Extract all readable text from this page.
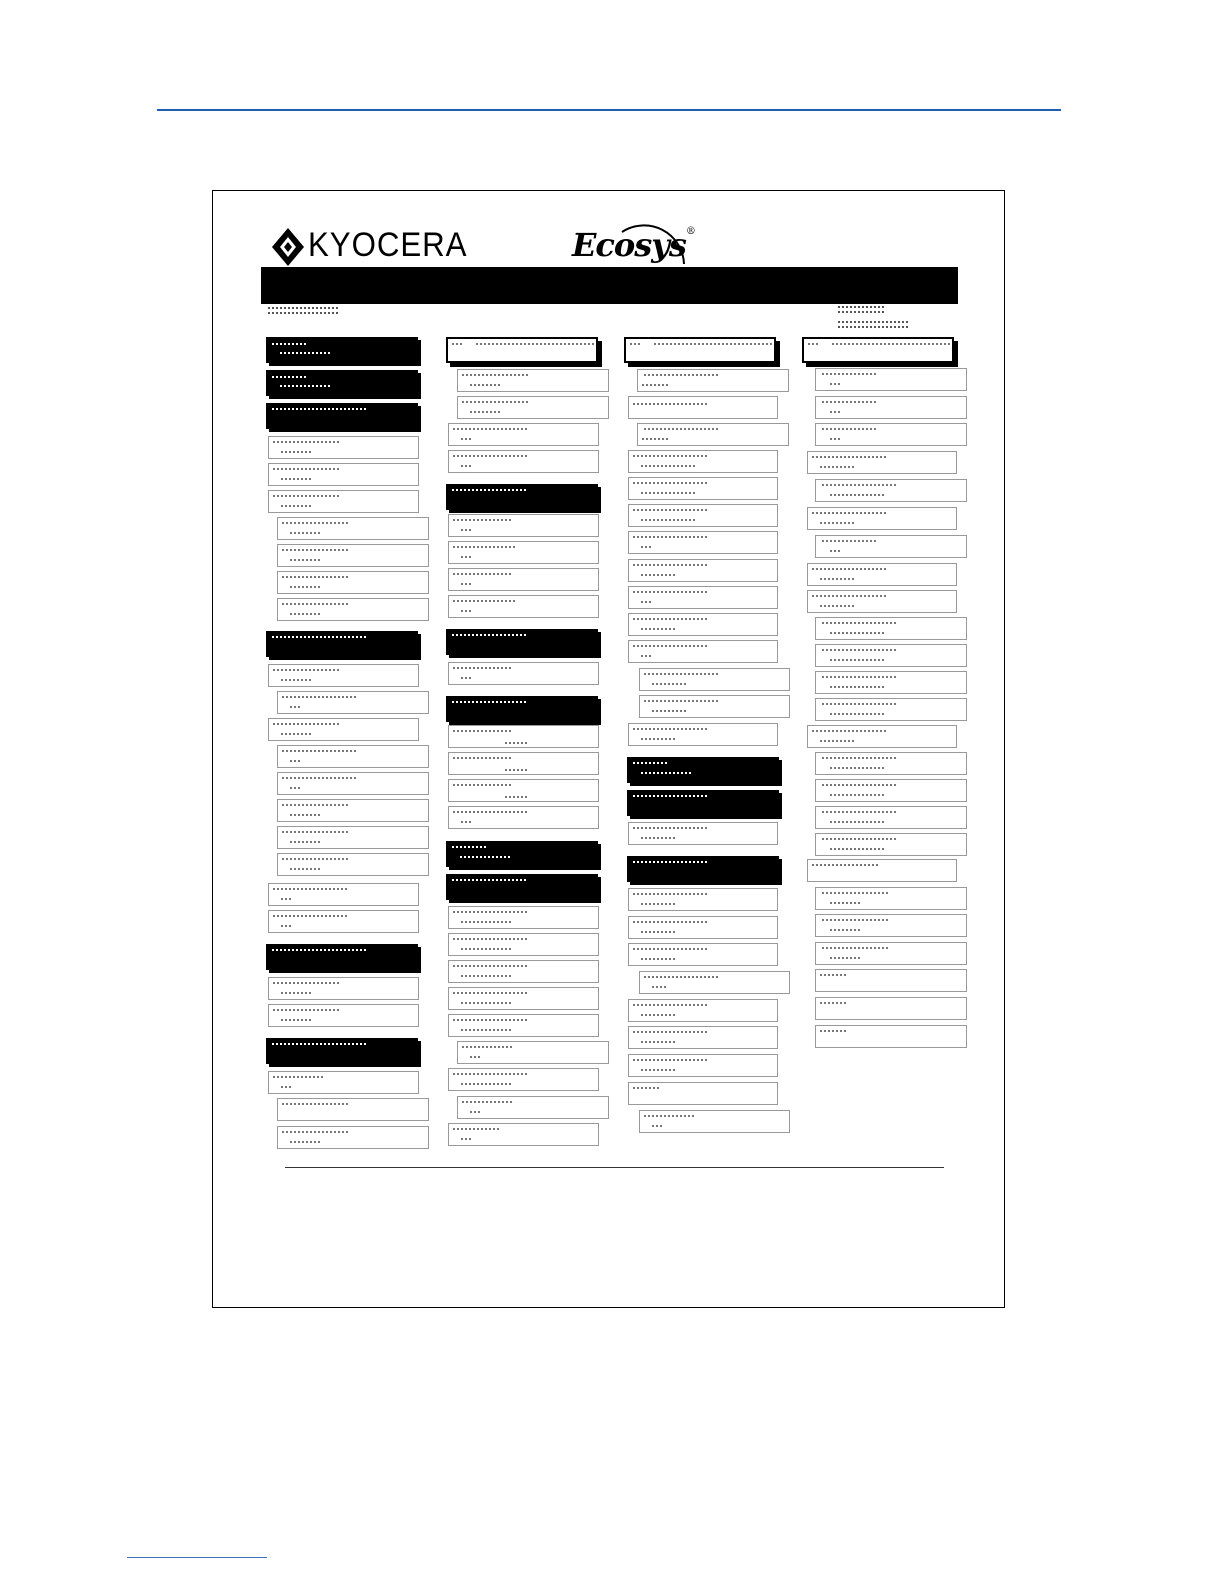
KYOCERA	Ecosys®
